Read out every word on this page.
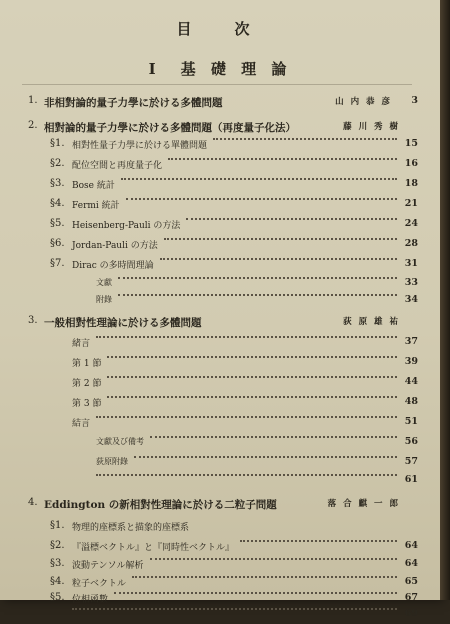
目　次
I　基 礎 理 論
1. 非相對論的量子力學に於ける多體問題	山 内 恭 彦 3
2. 相對論的量子力學に於ける多體問題（再度量子化法）	藤 川 秀 樹
§1. 相對性量子力學に於ける單體問題	15
§2. 配位空間と再度量子化	16
§3. Bose 統計	18
§4. Fermi 統計	21
§5. Heisenberg-Pauli の方法	24
§6. Jordan-Pauli の方法	28
§7. Dirac の多時間理論	31
文獻	33
附錄	34
3. 一般相對性理論に於ける多體問題	荻 原 雄 祐
緒言	37
第 1 節	39
第 2 節	44
第 3 節	48
結言	51
文獻及び備考	56
荻原附錄	57
61
4. Eddington の新相對性理論に於ける二粒子問題	落 合 麒 一 郎
§1. 物理的座標系と描象的座標系
§2. 『溢標ベクトル』と『同時性ベクトル』	64
§3. 波動テンソル解析	64
§4. 粒子ベクトル	65
§5. 位相函數	67
69
